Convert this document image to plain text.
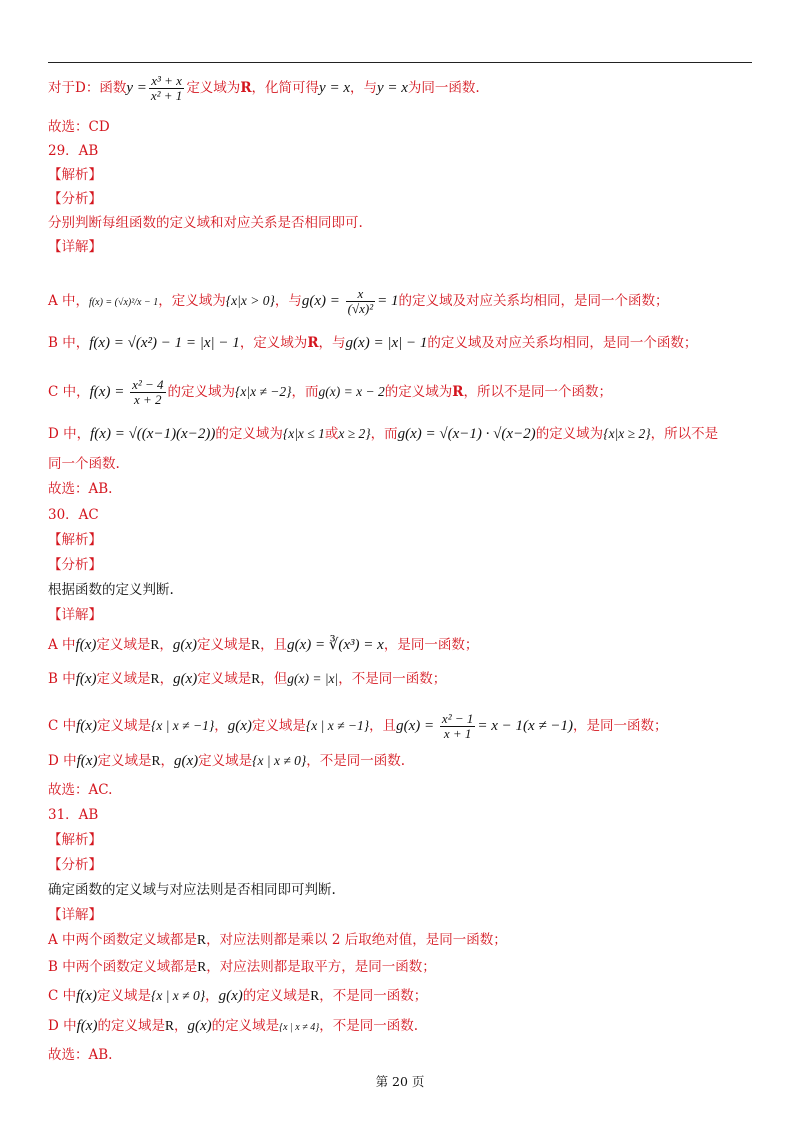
对于D：函数$y = \frac{\text{x³ + x}}{\text{x² + 1}}$ 定义域为R，化简可得y = x，与y = x为同一函数.
故选：CD
29．AB
【解析】
【分析】
分别判断每组函数的定义域和对应关系是否相同即可.
【详解】
A 中，f(x) = (√x)²/x − 1，定义域为{x|x > 0}，与$g(x) = \frac{x}{\text{(√x)²}} = 1$的定义域及对应关系均相同，是同一个函数；
B 中，f(x) = √(x²) − 1 = |x| − 1，定义域为R，与g(x) = |x| − 1的定义域及对应关系均相同，是同一个函数；
C 中，$f(x) = \frac{\text{x² − 4}}{x + 2}$ 的定义域为{x|x ≠ −2}，而g(x) = x − 2的定义域为R，所以不是同一个函数；
D 中，f(x) = √((x−1)(x−2))的定义域为{x|x ≤ 1或x ≥ 2}，而g(x) = √(x−1) · √(x−2)的定义域为{x|x ≥ 2}，所以不是
同一个函数.
故选：AB.
30．AC
【解析】
【分析】
根据函数的定义判断.
【详解】
A 中f(x)定义域是R，g(x)定义域是R，且g(x) = ∛(x³) = x，是同一函数；
B 中f(x)定义域是R，g(x)定义域是R，但g(x) = |x|，不是同一函数；
C 中f(x)定义域是{x | x ≠ −1}，g(x)定义域是{x | x ≠ −1}，且$g(x) = \frac{\text{x² − 1}}{x + 1} = x - 1(x \ne -1)$，是同一函数；
D 中f(x)定义域是R，g(x)定义域是{x | x ≠ 0}，不是同一函数.
故选：AC.
31．AB
【解析】
【分析】
确定函数的定义域与对应法则是否相同即可判断.
【详解】
A 中两个函数定义域都是R，对应法则都是乘以 2 后取绝对值，是同一函数；
B 中两个函数定义域都是R，对应法则都是取平方，是同一函数；
C 中f(x)定义域是{x | x ≠ 0}，g(x)的定义域是R，不是同一函数；
D 中f(x)的定义域是R，g(x)的定义域是{x | x ≠ 4}，不是同一函数.
故选：AB.
第 20 页
